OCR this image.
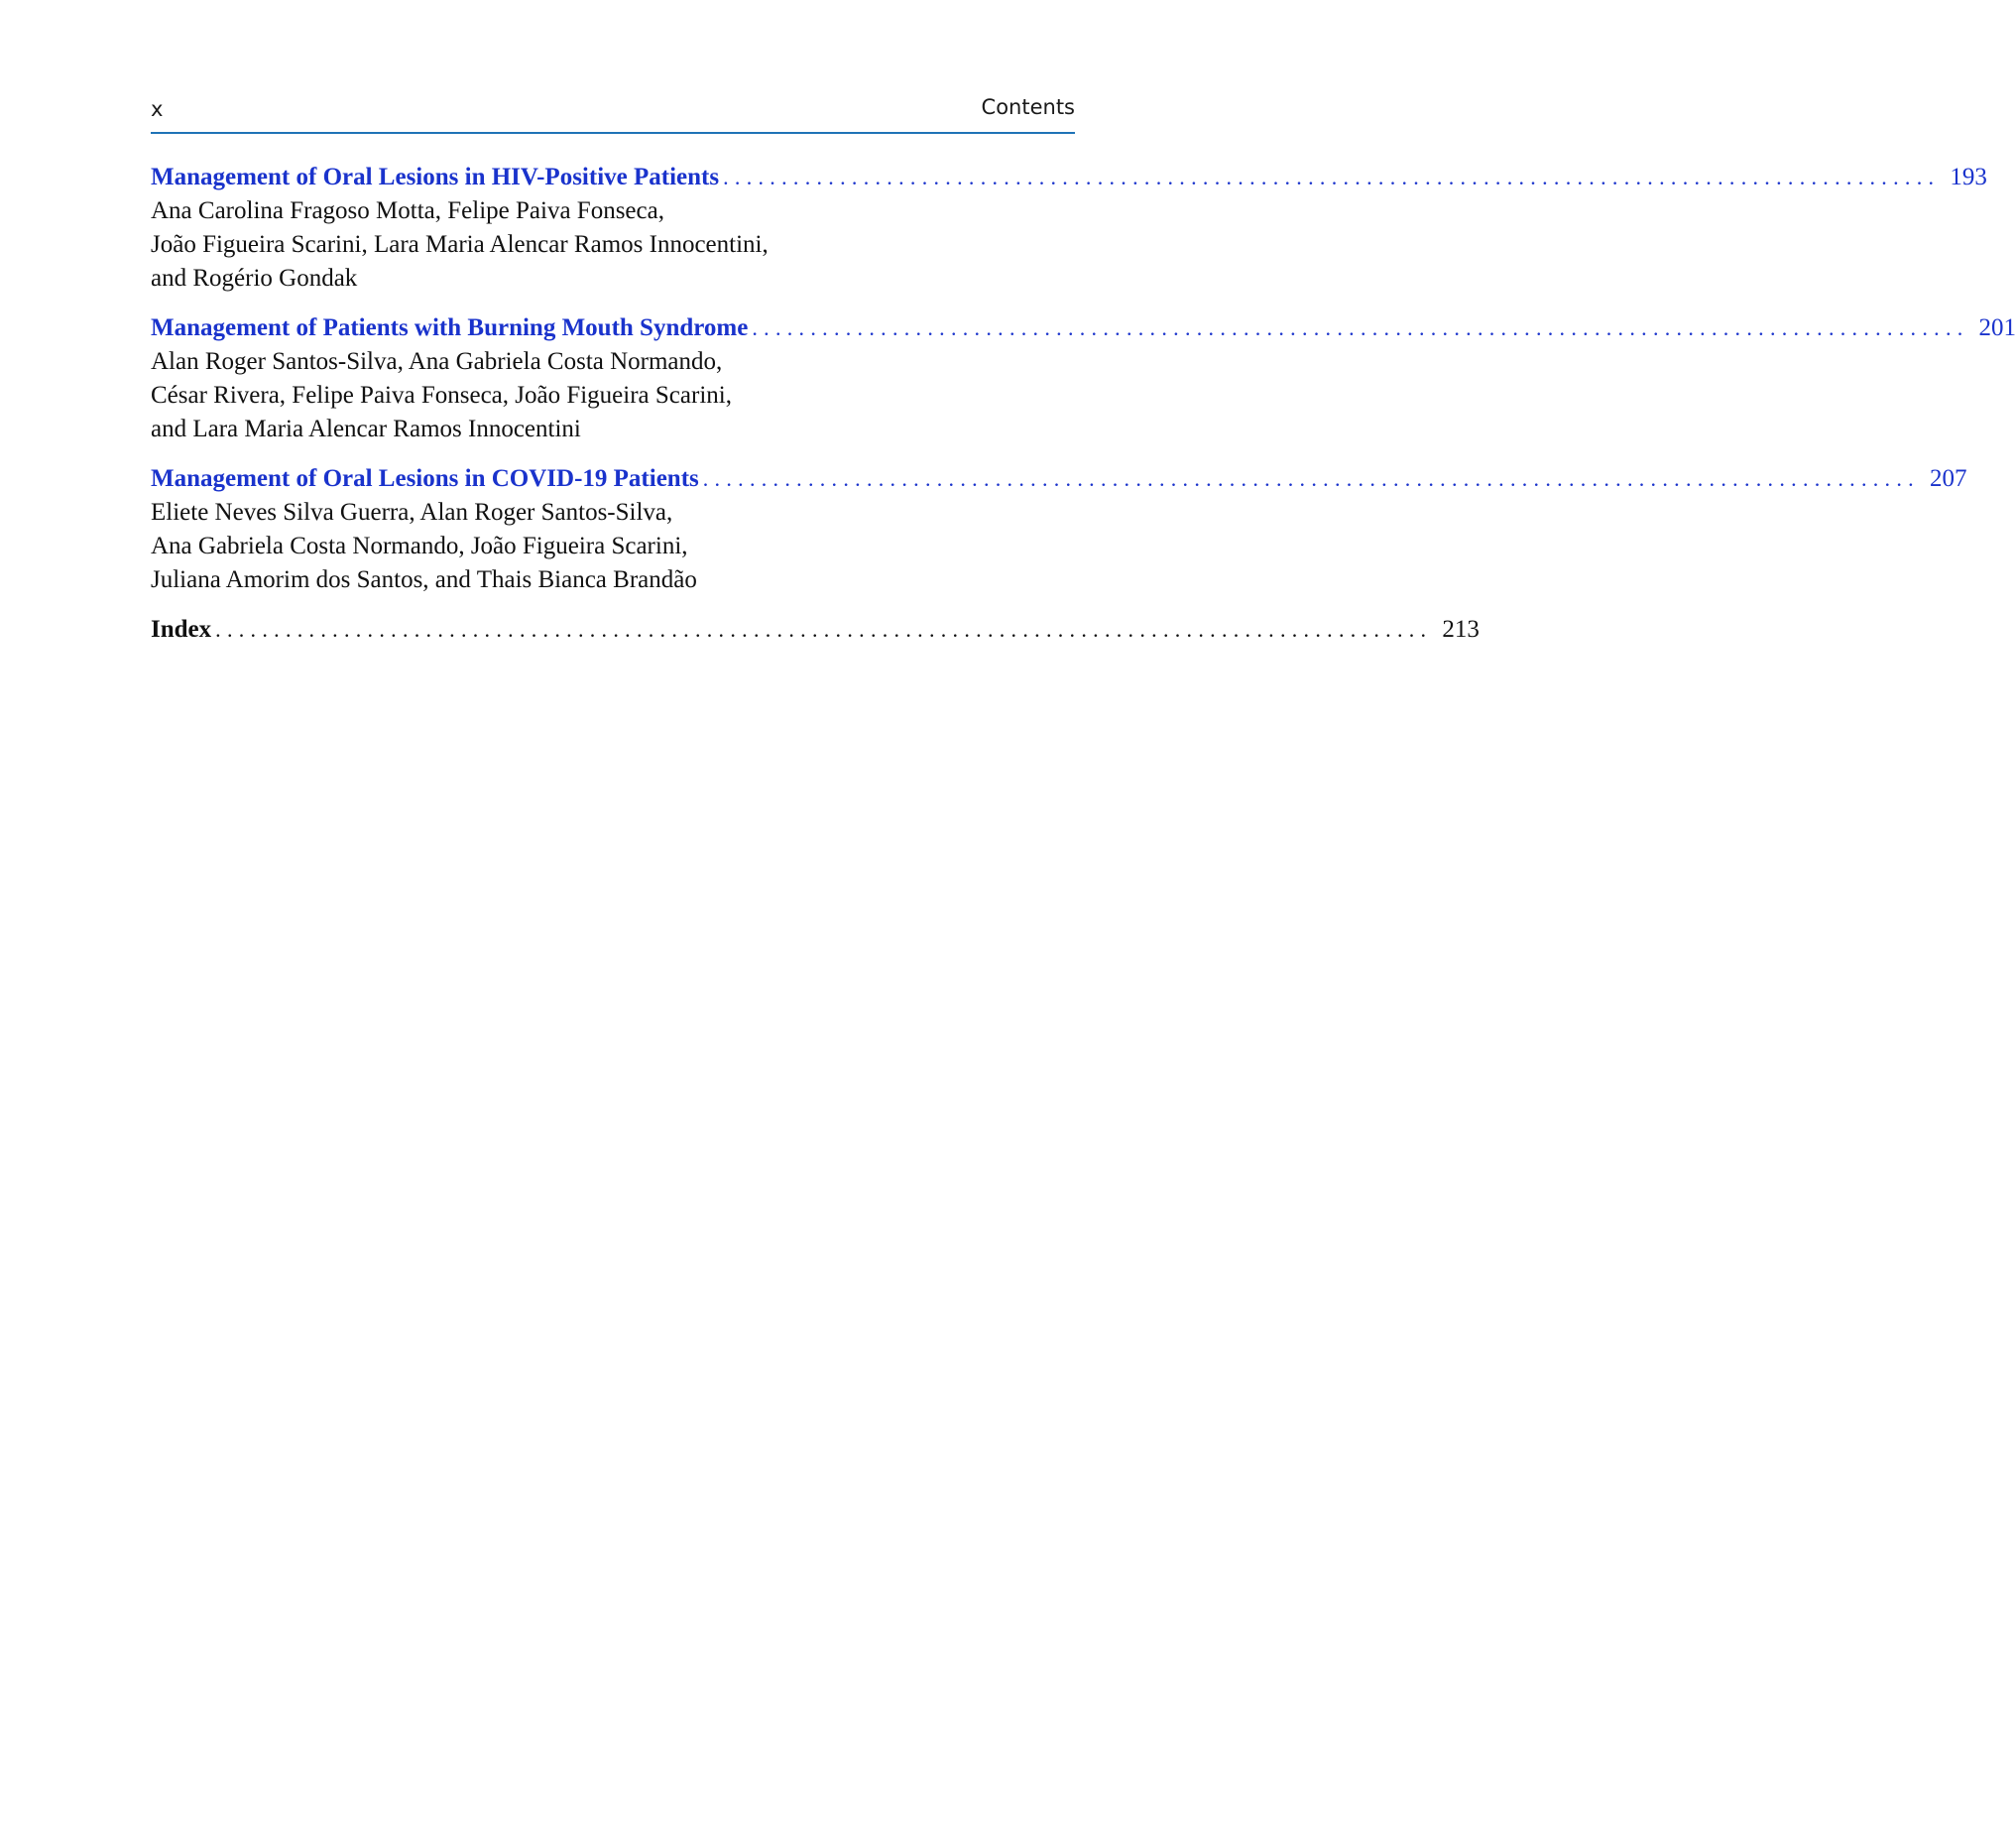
x	Contents
Management of Oral Lesions in HIV-Positive Patients ........................................................................................................ 193
Ana Carolina Fragoso Motta, Felipe Paiva Fonseca,
João Figueira Scarini, Lara Maria Alencar Ramos Innocentini,
and Rogério Gondak
Management of Patients with Burning Mouth Syndrome ........................................................................................................ 201
Alan Roger Santos-Silva, Ana Gabriela Costa Normando,
César Rivera, Felipe Paiva Fonseca, João Figueira Scarini,
and Lara Maria Alencar Ramos Innocentini
Management of Oral Lesions in COVID-19 Patients ........................................................................................................ 207
Eliete Neves Silva Guerra, Alan Roger Santos-Silva,
Ana Gabriela Costa Normando, João Figueira Scarini,
Juliana Amorim dos Santos, and Thais Bianca Brandão
Index ........................................................................................................ 213
